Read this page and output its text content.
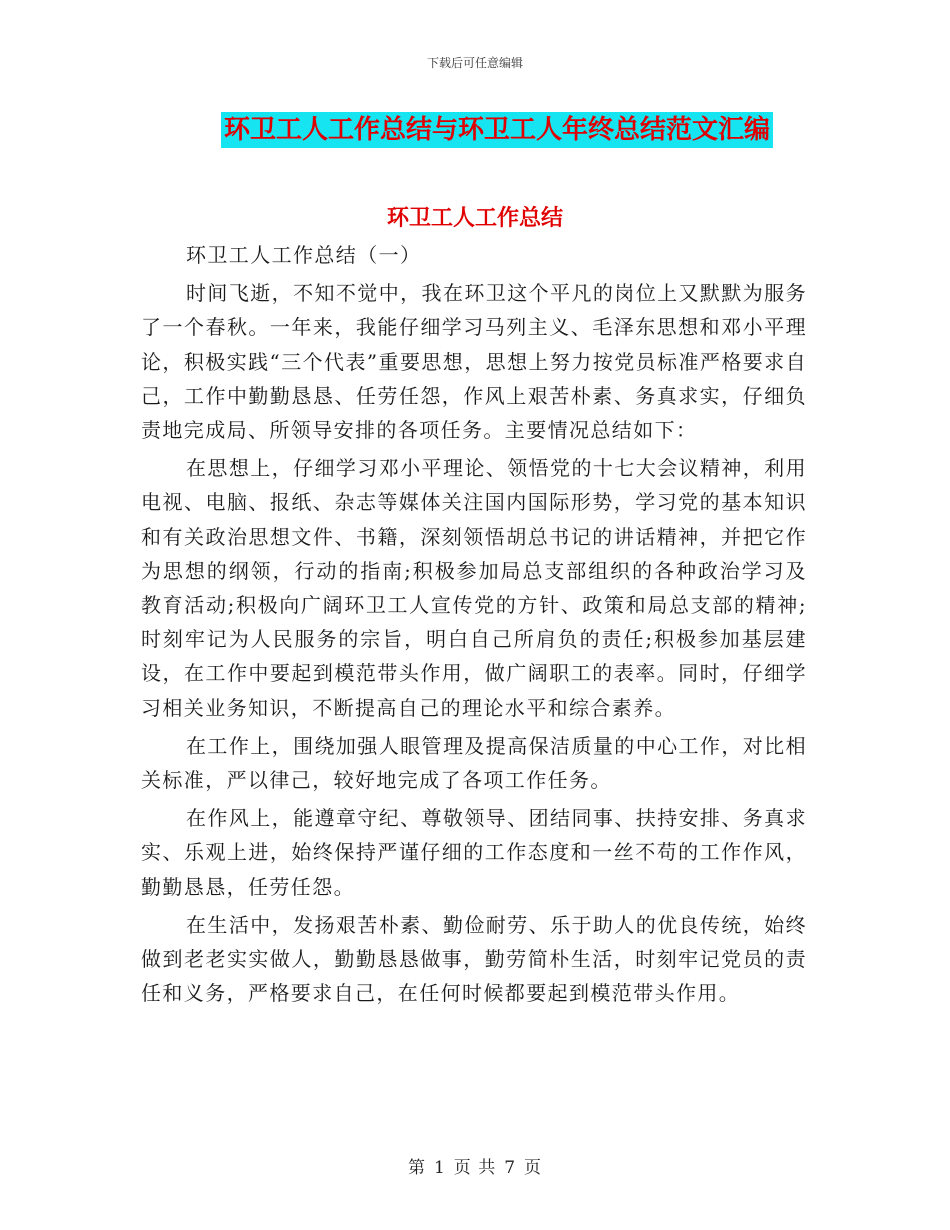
下载后可任意编辑
环卫工人工作总结与环卫工人年终总结范文汇编
环卫工人工作总结

环卫工人工作总结（一）

时间飞逝，不知不觉中，我在环卫这个平凡的岗位上又默默为服务了一个春秋。一年来，我能仔细学习马列主义、毛泽东思想和邓小平理论，积极实践“三个代表”重要思想，思想上努力按党员标准严格要求自己，工作中勤勤恳恳、任劳任怨，作风上艰苦朴素、务真求实，仔细负责地完成局、所领导安排的各项任务。主要情况总结如下：

在思想上，仔细学习邓小平理论、领悟党的十七大会议精神，利用电视、电脑、报纸、杂志等媒体关注国内国际形势，学习党的基本知识和有关政治思想文件、书籍，深刻领悟胡总书记的讲话精神，并把它作为思想的纲领，行动的指南;积极参加局总支部组织的各种政治学习及教育活动;积极向广阔环卫工人宣传党的方针、政策和局总支部的精神;时刻牢记为人民服务的宗旨，明白自己所肩负的责任;积极参加基层建设，在工作中要起到模范带头作用，做广阔职工的表率。同时，仔细学习相关业务知识，不断提高自己的理论水平和综合素养。

在工作上，围绕加强人眼管理及提高保洁质量的中心工作，对比相关标准，严以律己，较好地完成了各项工作任务。

在作风上，能遵章守纪、尊敬领导、团结同事、扶持安排、务真求实、乐观上进，始终保持严谨仔细的工作态度和一丝不苟的工作作风，勤勤恳恳，任劳任怨。

在生活中，发扬艰苦朴素、勤俭耐劳、乐于助人的优良传统，始终做到老老实实做人，勤勤恳恳做事，勤劳简朴生活，时刻牢记党员的责任和义务，严格要求自己，在任何时候都要起到模范带头作用。

第 1 页 共 7 页
